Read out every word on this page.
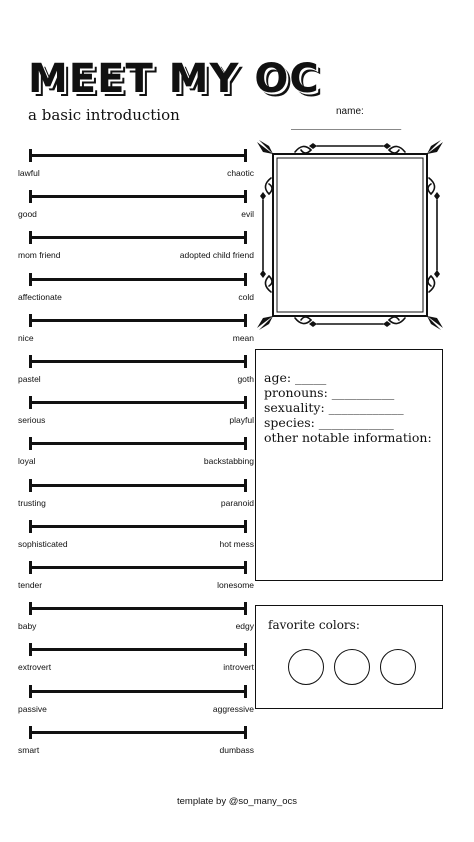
MEET MY OC
a basic introduction	name:
______________________
lawful	chaotic
good	evil
mom friend	adopted child friend
affectionate	cold
nice	mean
pastel	goth
serious	playful
loyal	backstabbing
trusting	paranoid
sophisticated	hot mess
tender	lonesome
baby	edgy
extrovert	introvert
passive	aggressive
smart	dumbass
age: _____
pronouns: __________
sexuality: ____________
species: ____________
other notable information:
favorite colors:
template by @so_many_ocs
